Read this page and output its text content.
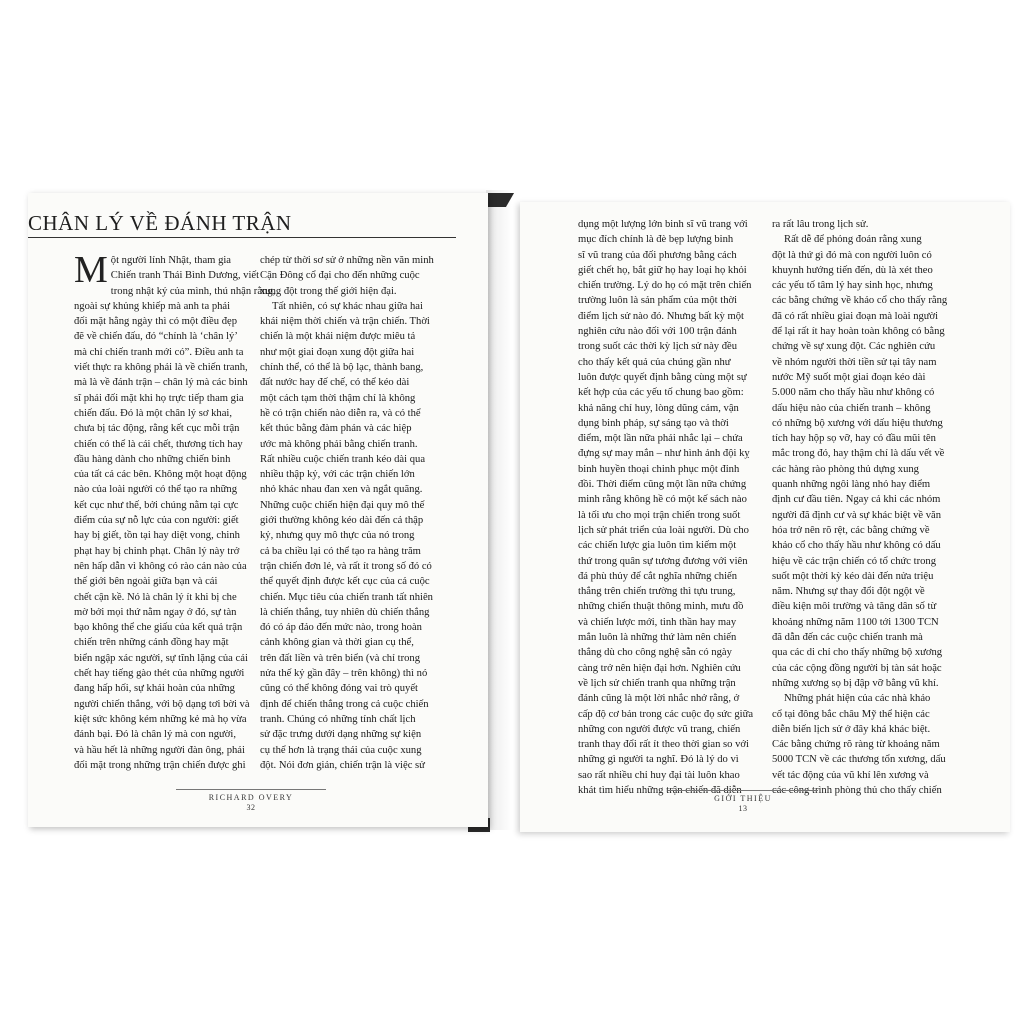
CHÂN LÝ VỀ ĐÁNH TRẬN
M ột người lính Nhật, tham gia
Chiến tranh Thái Bình Dương, viết
trong nhật ký của mình, thú nhận rằng,
ngoài sự khủng khiếp mà anh ta phải
đối mặt hằng ngày thì có một điều đẹp
đẽ về chiến đấu, đó “chính là ‘chân lý’
mà chỉ chiến tranh mới có”. Điều anh ta
viết thực ra không phải là về chiến tranh,
mà là về đánh trận – chân lý mà các binh
sĩ phải đối mặt khi họ trực tiếp tham gia
chiến đấu. Đó là một chân lý sơ khai,
chưa bị tác động, rằng kết cục mỗi trận
chiến có thể là cái chết, thương tích hay
đầu hàng dành cho những chiến binh
của tất cả các bên. Không một hoạt động
nào của loài người có thể tạo ra những
kết cục như thế, bởi chúng nằm tại cực
điểm của sự nỗ lực của con người: giết
hay bị giết, tồn tại hay diệt vong, chinh
phạt hay bị chinh phạt. Chân lý này trở
nên hấp dẫn vì không có rào cản nào của
thế giới bên ngoài giữa bạn và cái
chết cận kề. Nó là chân lý ít khi bị che
mờ bởi mọi thứ nằm ngay ở đó, sự tàn
bạo không thể che giấu của kết quả trận
chiến trên những cánh đồng hay mặt
biển ngập xác người, sự tĩnh lặng của cái
chết hay tiếng gào thét của những người
đang hấp hối, sự khải hoàn của những
người chiến thắng, với bộ dạng tơi bời và
kiệt sức không kém những kẻ mà họ vừa
đánh bại. Đó là chân lý mà con người,
và hầu hết là những người đàn ông, phải
đối mặt trong những trận chiến được ghi
chép từ thời sơ sử ở những nền văn minh
Cận Đông cổ đại cho đến những cuộc
xung đột trong thế giới hiện đại.
Tất nhiên, có sự khác nhau giữa hai
khái niệm thời chiến và trận chiến. Thời
chiến là một khái niệm được miêu tả
như một giai đoạn xung đột giữa hai
chính thể, có thể là bộ lạc, thành bang,
đất nước hay đế chế, có thể kéo dài
một cách tạm thời thậm chí là không
hề có trận chiến nào diễn ra, và có thể
kết thúc bằng đàm phán và các hiệp
ước mà không phải bằng chiến tranh.
Rất nhiều cuộc chiến tranh kéo dài qua
nhiều thập kỷ, với các trận chiến lớn
nhỏ khác nhau đan xen và ngắt quãng.
Những cuộc chiến hiện đại quy mô thế
giới thường không kéo dài đến cả thập
kỷ, nhưng quy mô thực của nó trong
cả ba chiều lại có thể tạo ra hàng trăm
trận chiến đơn lẻ, và rất ít trong số đó có
thể quyết định được kết cục của cả cuộc
chiến. Mục tiêu của chiến tranh tất nhiên
là chiến thắng, tuy nhiên dù chiến thắng
đó có áp đảo đến mức nào, trong hoàn
cảnh không gian và thời gian cụ thể,
trên đất liền và trên biển (và chỉ trong
nửa thế kỷ gần đây – trên không) thì nó
cũng có thể không đóng vai trò quyết
định để chiến thắng trong cả cuộc chiến
tranh. Chúng có những tính chất lịch
sử đặc trưng dưới dạng những sự kiện
cụ thể hơn là trạng thái của cuộc xung
đột. Nói đơn giản, chiến trận là việc sử
RICHARD OVERY
32
dụng một lượng lớn binh sĩ vũ trang với
mục đích chính là đè bẹp lượng binh
sĩ vũ trang của đối phương bằng cách
giết chết họ, bắt giữ họ hay loại họ khỏi
chiến trường. Lý do họ có mặt trên chiến
trường luôn là sản phẩm của một thời
điểm lịch sử nào đó. Nhưng bất kỳ một
nghiên cứu nào đối với 100 trận đánh
trong suốt các thời kỳ lịch sử này đều
cho thấy kết quả của chúng gần như
luôn được quyết định bằng cùng một sự
kết hợp của các yếu tố chung bao gồm:
khả năng chỉ huy, lòng dũng cảm, vận
dụng binh pháp, sự sáng tạo và thời
điểm, một lần nữa phải nhắc lại – chứa
đựng sự may mắn – như hình ảnh đội kỵ
binh huyền thoại chinh phục một đỉnh
đồi. Thời điểm cũng một lần nữa chứng
minh rằng không hề có một kế sách nào
là tối ưu cho mọi trận chiến trong suốt
lịch sử phát triển của loài người. Dù cho
các chiến lược gia luôn tìm kiếm một
thứ trong quân sự tương đương với viên
đá phù thủy để cắt nghĩa những chiến
thắng trên chiến trường thì tựu trung,
những chiến thuật thông minh, mưu đồ
và chiến lược mới, tinh thần hay may
mắn luôn là những thứ làm nên chiến
thắng dù cho công nghệ sẵn có ngày
càng trở nên hiện đại hơn. Nghiên cứu
về lịch sử chiến tranh qua những trận
đánh cũng là một lời nhắc nhở rằng, ở
cấp độ cơ bản trong các cuộc đọ sức giữa
những con người được vũ trang, chiến
tranh thay đổi rất ít theo thời gian so với
những gì người ta nghĩ. Đó là lý do vì
sao rất nhiều chỉ huy đại tài luôn khao
khát tìm hiểu những trận chiến đã diễn
ra rất lâu trong lịch sử.
Rất dễ để phỏng đoán rằng xung
đột là thứ gì đó mà con người luôn có
khuynh hướng tiến đến, dù là xét theo
các yếu tố tâm lý hay sinh học, nhưng
các bằng chứng về khảo cổ cho thấy rằng
đã có rất nhiều giai đoạn mà loài người
để lại rất ít hay hoàn toàn không có bằng
chứng về sự xung đột. Các nghiên cứu
về nhóm người thời tiền sử tại tây nam
nước Mỹ suốt một giai đoạn kéo dài
5.000 năm cho thấy hầu như không có
dấu hiệu nào của chiến tranh – không
có những bộ xương với dấu hiệu thương
tích hay hộp sọ vỡ, hay có đầu mũi tên
mắc trong đó, hay thậm chí là dấu vết về
các hàng rào phòng thủ dựng xung
quanh những ngôi làng nhỏ hay điểm
định cư đầu tiên. Ngay cả khi các nhóm
người đã định cư và sự khác biệt về văn
hóa trở nên rõ rệt, các bằng chứng về
khảo cổ cho thấy hầu như không có dấu
hiệu về các trận chiến có tổ chức trong
suốt một thời kỳ kéo dài đến nửa triệu
năm. Nhưng sự thay đổi đột ngột về
điều kiện môi trường và tăng dân số từ
khoảng những năm 1100 tới 1300 TCN
đã dẫn đến các cuộc chiến tranh mà
qua các di chỉ cho thấy những bộ xương
của các cộng đồng người bị tàn sát hoặc
những xương sọ bị đập vỡ bằng vũ khí.
Những phát hiện của các nhà khảo
cổ tại đông bắc châu Mỹ thể hiện các
diễn biến lịch sử ở đây khá khác biệt.
Các bằng chứng rõ ràng từ khoảng năm
5000 TCN về các thương tổn xương, dấu
vết tác động của vũ khí lên xương và
các công trình phòng thủ cho thấy chiến
GIỚI THIỆU
13
